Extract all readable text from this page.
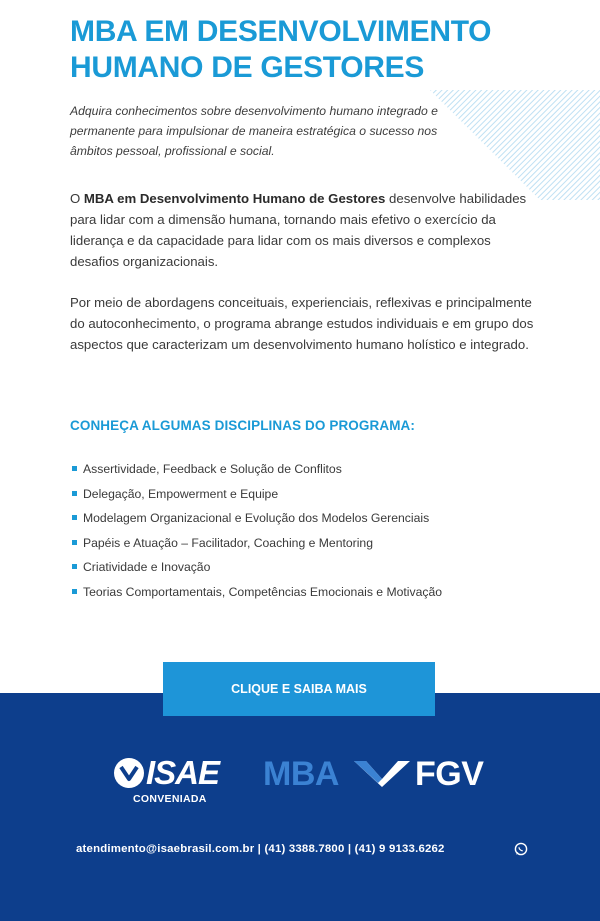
MBA EM DESENVOLVIMENTO
HUMANO DE GESTORES

Adquira conhecimentos sobre desenvolvimento humano integrado e permanente para impulsionar de maneira estratégica o sucesso nos âmbitos pessoal, profissional e social.

O MBA em Desenvolvimento Humano de Gestores desenvolve habilidades para lidar com a dimensão humana, tornando mais efetivo o exercício da liderança e da capacidade para lidar com os mais diversos e complexos desafios organizacionais.

Por meio de abordagens conceituais, experienciais, reflexivas e principalmente do autoconhecimento, o programa abrange estudos individuais e em grupo dos aspectos que caracterizam um desenvolvimento humano holístico e integrado.

CONHEÇA ALGUMAS DISCIPLINAS DO PROGRAMA:
Assertividade, Feedback e Solução de Conflitos
Delegação, Empowerment e Equipe
Modelagem Organizacional e Evolução dos Modelos Gerenciais
Papéis e Atuação – Facilitador, Coaching e Mentoring
Criatividade e Inovação
Teorias Comportamentais, Competências Emocionais e Motivação
CLIQUE E SAIBA MAIS
ISAE
CONVENIADA
MBA FGV
atendimento@isaebrasil.com.br | (41) 3388.7800 | (41) 9 9133.6262
